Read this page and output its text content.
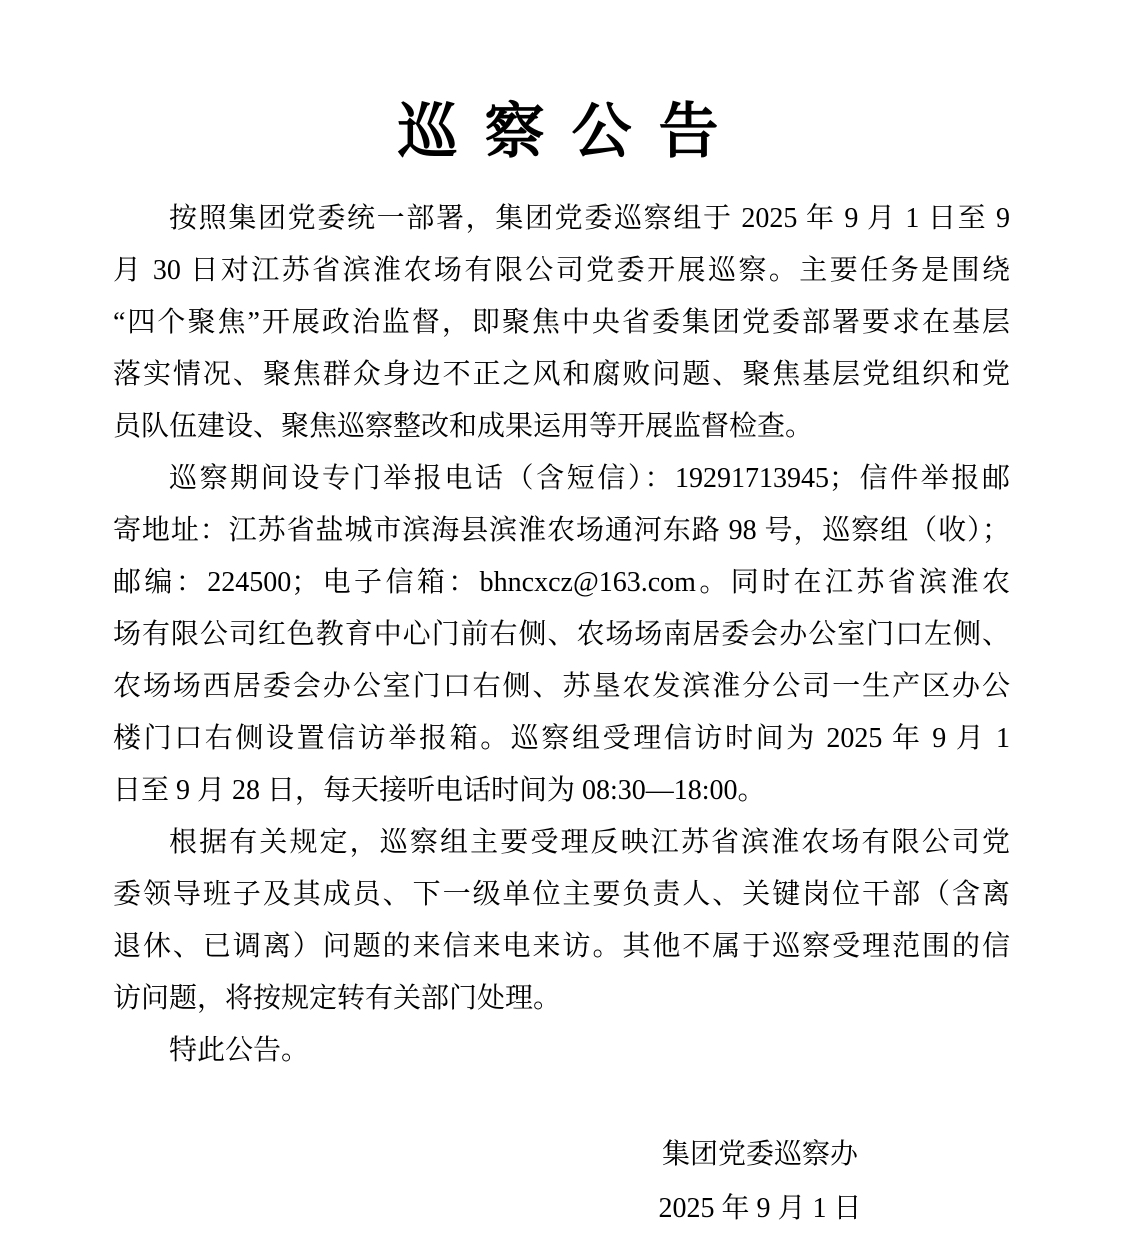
巡 察 公 告
按照集团党委统一部署，集团党委巡察组于 2025 年 9 月 1 日至 9
月 30 日对江苏省滨淮农场有限公司党委开展巡察。主要任务是围绕
“四个聚焦”开展政治监督，即聚焦中央省委集团党委部署要求在基层
落实情况、聚焦群众身边不正之风和腐败问题、聚焦基层党组织和党
员队伍建设、聚焦巡察整改和成果运用等开展监督检查。
巡察期间设专门举报电话（含短信）：19291713945；信件举报邮
寄地址：江苏省盐城市滨海县滨淮农场通河东路 98 号，巡察组（收）；
邮编：224500；电子信箱：bhncxcz@163.com。同时在江苏省滨淮农
场有限公司红色教育中心门前右侧、农场场南居委会办公室门口左侧、
农场场西居委会办公室门口右侧、苏垦农发滨淮分公司一生产区办公
楼门口右侧设置信访举报箱。巡察组受理信访时间为 2025 年 9 月 1
日至 9 月 28 日，每天接听电话时间为 08:30—18:00。
根据有关规定，巡察组主要受理反映江苏省滨淮农场有限公司党
委领导班子及其成员、下一级单位主要负责人、关键岗位干部（含离
退休、已调离）问题的来信来电来访。其他不属于巡察受理范围的信
访问题，将按规定转有关部门处理。
特此公告。
集团党委巡察办
2025 年 9 月 1 日
